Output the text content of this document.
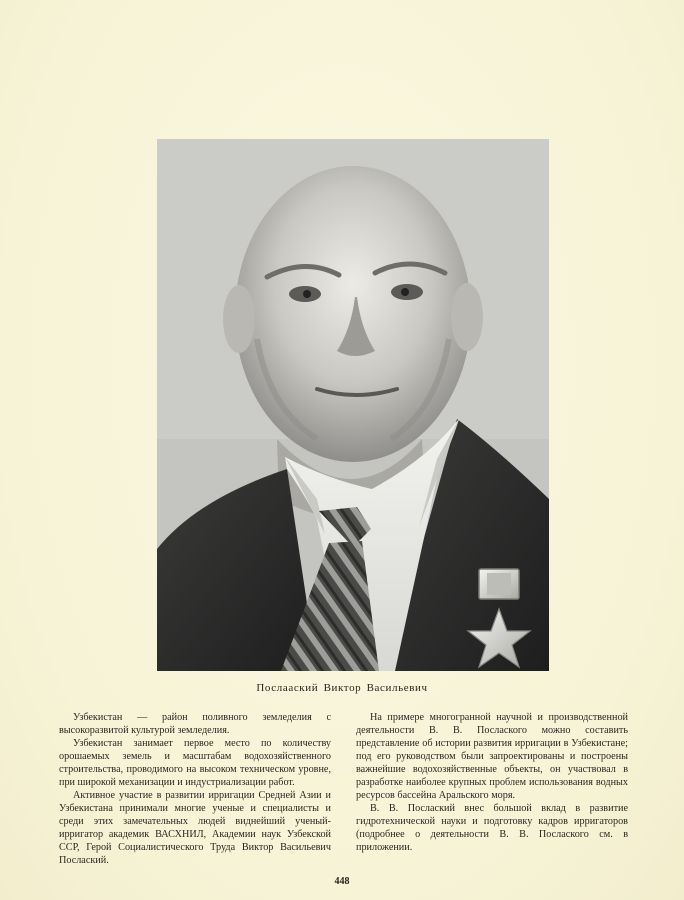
Послааский Виктор Васильевич

Узбекистан — район поливного земледелия с высокоразвитой культурой земледелия.

Узбекистан занимает первое место по количеству орошаемых земель и масштабам водохозяйственного строительства, проводимого на высоком техническом уровне, при широкой механизации и индустриализации работ.

Активное участие в развитии ирригации Средней Азии и Узбекистана принимали многие ученые и специалисты и среди этих замечательных людей виднейший ученый-ирригатор академик ВАСХНИЛ, Академии наук Узбекской ССР, Герой Социалистического Труда Виктор Васильевич Послаский.

На примере многогранной научной и производственной деятельности В. В. Послаского можно составить представление об истории развития ирригации в Узбекистане; под его руководством были запроектированы и построены важнейшие водохозяйственные объекты, он участвовал в разработке наиболее крупных проблем использования водных ресурсов бассейна Аральского моря.

В. В. Послаский внес большой вклад в развитие гидротехнической науки и подготовку кадров ирригаторов (подробнее о деятельности В. В. Послаского см. в приложении.

448
